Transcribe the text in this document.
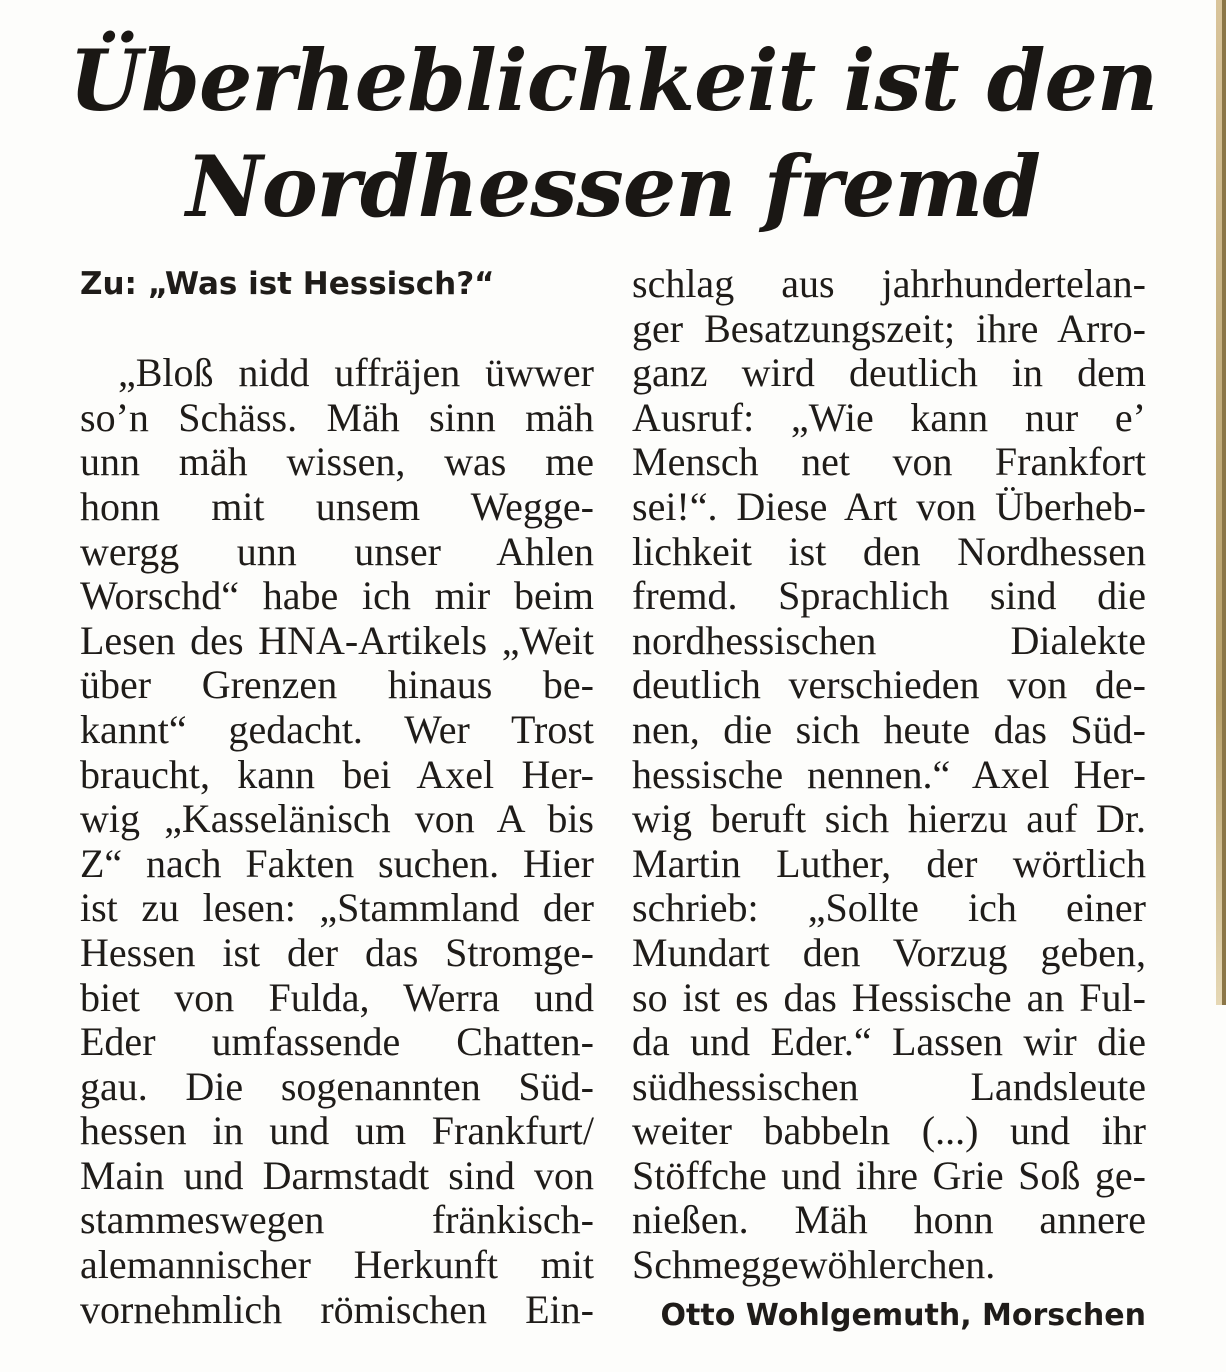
Überheblichkeit ist den
Nordhessen fremd
Zu: „Was ist Hessisch?“
„Bloß nidd uffräjen üwwer
so’n Schäss. Mäh sinn mäh
unn mäh wissen, was me
honn mit unsem Wegge-
wergg unn unser Ahlen
Worschd“ habe ich mir beim
Lesen des HNA-Artikels „Weit
über Grenzen hinaus be-
kannt“ gedacht. Wer Trost
braucht, kann bei Axel Her-
wig „Kasselänisch von A bis
Z“ nach Fakten suchen. Hier
ist zu lesen: „Stammland der
Hessen ist der das Stromge-
biet von Fulda, Werra und
Eder umfassende Chatten-
gau. Die sogenannten Süd-
hessen in und um Frankfurt/
Main und Darmstadt sind von
stammeswegen fränkisch-
alemannischer Herkunft mit
vornehmlich römischen Ein-
schlag aus jahrhundertelan-
ger Besatzungszeit; ihre Arro-
ganz wird deutlich in dem
Ausruf: „Wie kann nur e’
Mensch net von Frankfort
sei!“. Diese Art von Überheb-
lichkeit ist den Nordhessen
fremd. Sprachlich sind die
nordhessischen Dialekte
deutlich verschieden von de-
nen, die sich heute das Süd-
hessische nennen.“ Axel Her-
wig beruft sich hierzu auf Dr.
Martin Luther, der wörtlich
schrieb: „Sollte ich einer
Mundart den Vorzug geben,
so ist es das Hessische an Ful-
da und Eder.“ Lassen wir die
südhessischen Landsleute
weiter babbeln (...) und ihr
Stöffche und ihre Grie Soß ge-
nießen. Mäh honn annere
Schmeggewöhlerchen.
Otto Wohlgemuth, Morschen
